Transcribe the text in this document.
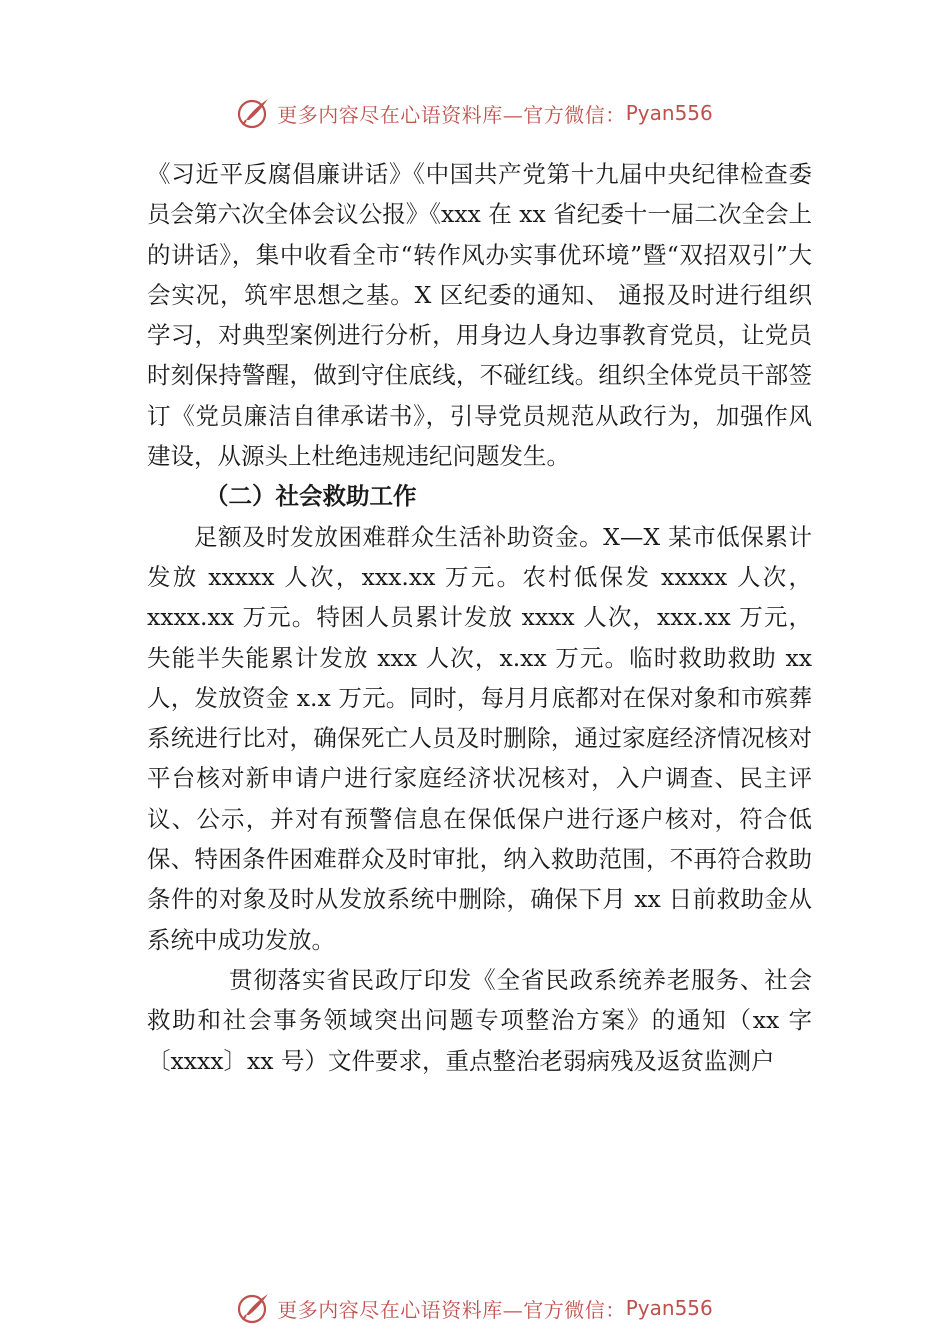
更多内容尽在心语资料库—官方微信： Pyan556

《习近平反腐倡廉讲话》《中国共产党第十九届中央纪律检查委员会第六次全体会议公报》《xxx 在 xx 省纪委十一届二次全会上的讲话》，集中收看全市“转作风办实事优环境”暨“双招双引”大会实况，筑牢思想之基。X 区纪委的通知、 通报及时进行组织学习，对典型案例进行分析，用身边人身边事教育党员，让党员时刻保持警醒，做到守住底线，不碰红线。组织全体党员干部签订《党员廉洁自律承诺书》，引导党员规范从政行为，加强作风建设，从源头上杜绝违规违纪问题发生。

（二）社会救助工作

足额及时发放困难群众生活补助资金。X—X 某市低保累计发放 xxxxx 人次，xxx.xx 万元。农村低保发 xxxxx 人次，xxxx.xx 万元。特困人员累计发放 xxxx 人次，xxx.xx 万元，失能半失能累计发放 xxx 人次，x.xx 万元。临时救助救助 xx 人，发放资金 x.x 万元。同时，每月月底都对在保对象和市殡葬系统进行比对，确保死亡人员及时删除，通过家庭经济情况核对平台核对新申请户进行家庭经济状况核对，入户调查、民主评议、公示，并对有预警信息在保低保户进行逐户核对，符合低保、特困条件困难群众及时审批，纳入救助范围，不再符合救助条件的对象及时从发放系统中删除，确保下月 xx 日前救助金从系统中成功发放。

贯彻落实省民政厅印发《全省民政系统养老服务、社会救助和社会事务领域突出问题专项整治方案》的通知（xx 字〔xxxx〕xx 号）文件要求，重点整治老弱病残及返贫监测户

更多内容尽在心语资料库—官方微信： Pyan556
